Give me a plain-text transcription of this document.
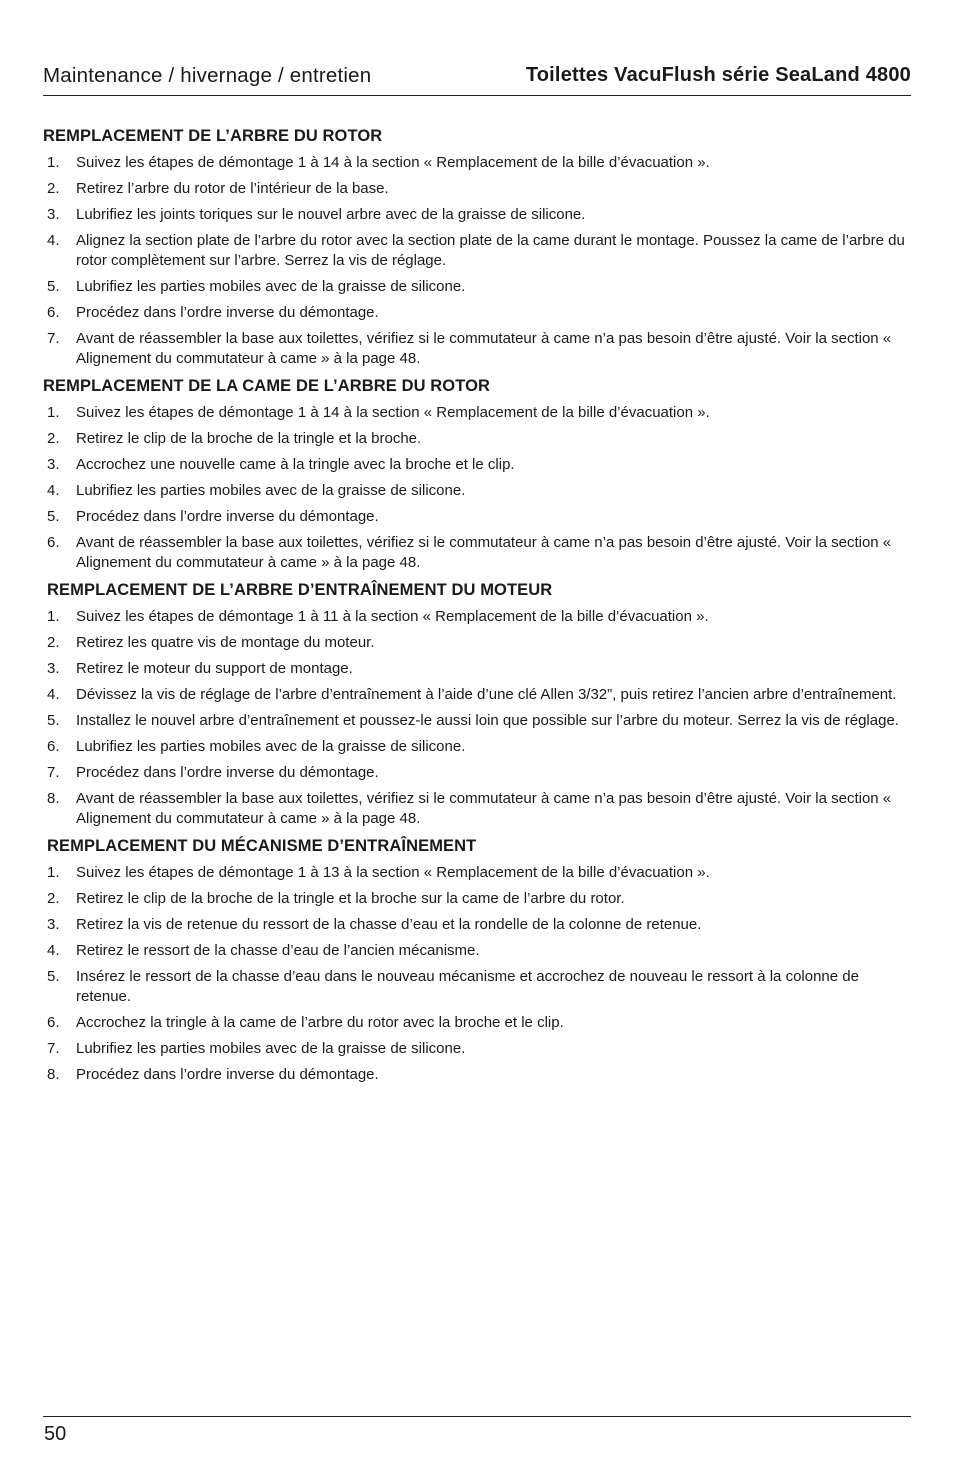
Maintenance / hivernage / entretien	Toilettes VacuFlush série SeaLand 4800
REMPLACEMENT DE L’ARBRE DU ROTOR
1. Suivez les étapes de démontage 1 à 14 à la section « Remplacement de la bille d’évacuation ».
2. Retirez l’arbre du rotor de l’intérieur de la base.
3. Lubrifiez les joints toriques sur le nouvel arbre avec de la graisse de silicone.
4. Alignez la section plate de l’arbre du rotor avec la section plate de la came durant le montage. Poussez la came de l’arbre du rotor complètement sur l’arbre. Serrez la vis de réglage.
5. Lubrifiez les parties mobiles avec de la graisse de silicone.
6. Procédez dans l’ordre inverse du démontage.
7. Avant de réassembler la base aux toilettes, vérifiez si le commutateur à came n’a pas besoin d’être ajusté. Voir la section « Alignement du commutateur à came » à la page 48.
REMPLACEMENT DE LA CAME DE L’ARBRE DU ROTOR
1. Suivez les étapes de démontage 1 à 14 à la section « Remplacement de la bille d’évacuation ».
2. Retirez le clip de la broche de la tringle et la broche.
3. Accrochez une nouvelle came à la tringle avec la broche et le clip.
4. Lubrifiez les parties mobiles avec de la graisse de silicone.
5. Procédez dans l’ordre inverse du démontage.
6. Avant de réassembler la base aux toilettes, vérifiez si le commutateur à came n’a pas besoin d’être ajusté. Voir la section « Alignement du commutateur à came » à la page 48.
REMPLACEMENT DE L’ARBRE D’ENTRAÎNEMENT DU MOTEUR
1. Suivez les étapes de démontage 1 à 11 à la section « Remplacement de la bille d’évacuation ».
2. Retirez les quatre vis de montage du moteur.
3. Retirez le moteur du support de montage.
4. Dévissez la vis de réglage de l’arbre d’entraînement à l’aide d’une clé Allen 3/32”, puis retirez l’ancien arbre d’entraînement.
5. Installez le nouvel arbre d’entraînement et poussez-le aussi loin que possible sur l’arbre du moteur. Serrez la vis de réglage.
6. Lubrifiez les parties mobiles avec de la graisse de silicone.
7. Procédez dans l’ordre inverse du démontage.
8. Avant de réassembler la base aux toilettes, vérifiez si le commutateur à came n’a pas besoin d’être ajusté. Voir la section « Alignement du commutateur à came » à la page 48.
REMPLACEMENT DU MÉCANISME D’ENTRAÎNEMENT
1. Suivez les étapes de démontage 1 à 13 à la section « Remplacement de la bille d’évacuation ».
2. Retirez le clip de la broche de la tringle et la broche sur la came de l’arbre du rotor.
3. Retirez la vis de retenue du ressort de la chasse d’eau et la rondelle de la colonne de retenue.
4. Retirez le ressort de la chasse d’eau de l’ancien mécanisme.
5. Insérez le ressort de la chasse d’eau dans le nouveau mécanisme et accrochez de nouveau le ressort à la colonne de retenue.
6. Accrochez la tringle à la came de l’arbre du rotor avec la broche et le clip.
7. Lubrifiez les parties mobiles avec de la graisse de silicone.
8. Procédez dans l’ordre inverse du démontage.
50
